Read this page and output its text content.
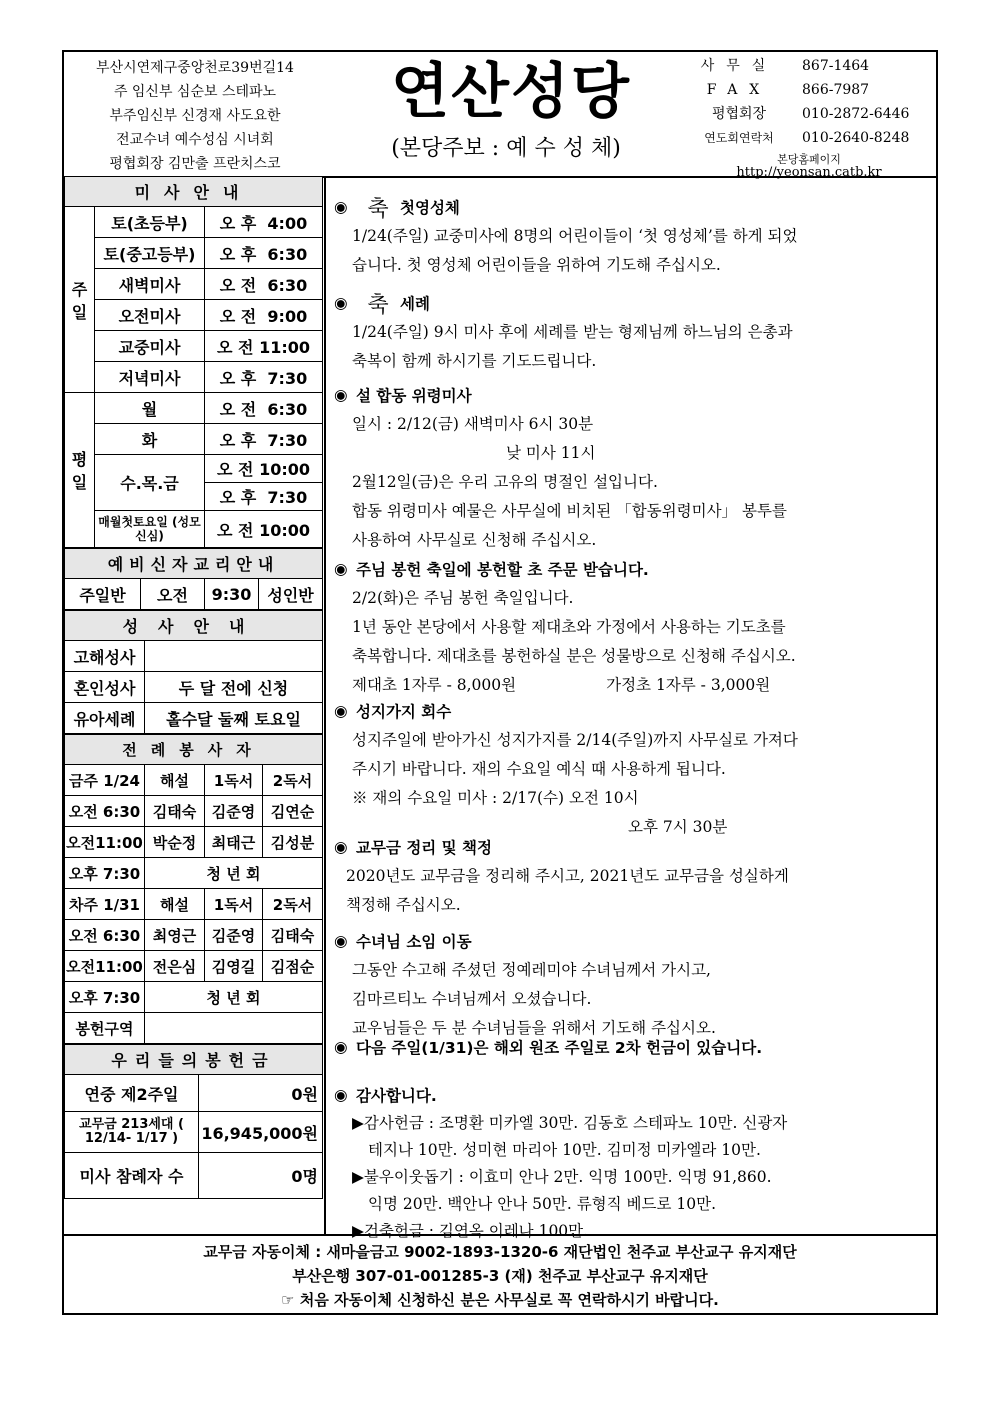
부산시연제구중앙천로39번길14
주 임신부 심순보 스테파노
부주임신부 신경재 사도요한
전교수녀 예수성심 시녀회
평협회장 김만출 프란치스코
연산성당
(본당주보 : 예 수 성 체)
사무실	867-1464
FAX	866-7987
평협회장	010-2872-6446
연도회연락처	010-2640-8248
본당홈페이지
http://yeonsan.catb.kr
미사안내		
주일	토(초등부)	오 후 4:00
	토(중고등부)	오 후 6:30
	새벽미사	오 전 6:30
	오전미사	오 전 9:00
	교중미사	오 전 11:00
	저녁미사	오 후 7:30
평일	월	오 전 6:30
	화	오 후 7:30
	수.목.금	오 전 10:00
		오 후 7:30
	매월첫토요일 (성모신심)	오 전 10:00
예비신자교리안내
주일반	오전	9:30	성인반
성사안내	
고해성사	
혼인성사	두 달 전에 신청
유아세례	홀수달 둘째 토요일
전례봉사자			
금주 1/24	해설	1독서	2독서
오전 6:30	김태숙	김준영	김연순
오전11:00	박순정	최태근	김성분
오후 7:30	청 년 회		
차주 1/31	해설	1독서	2독서
오전 6:30	최영근	김준영	김태숙
오전11:00	전은심	김영길	김점순
오후 7:30	청 년 회		
봉헌구역			
우리들의봉헌금	
연중 제2주일	0원
교무금 213세대 ( 12/14- 1/17 )	16,945,000원
미사 참례자 수	0명
◉ 축 첫영성체
1/24(주일) 교중미사에 8명의 어린이들이 ‘첫 영성체’를 하게 되었
습니다. 첫 영성체 어린이들을 위하여 기도해 주십시오.
◉ 축 세례
1/24(주일) 9시 미사 후에 세례를 받는 형제님께 하느님의 은총과
축복이 함께 하시기를 기도드립니다.
◉ 설 합동 위령미사
일시 : 2/12(금) 새벽미사 6시 30분
낮 미사 11시
2월12일(금)은 우리 고유의 명절인 설입니다.
합동 위령미사 예물은 사무실에 비치된 「합동위령미사」 봉투를
사용하여 사무실로 신청해 주십시오.
◉ 주님 봉헌 축일에 봉헌할 초 주문 받습니다.
2/2(화)은 주님 봉헌 축일입니다.
1년 동안 본당에서 사용할 제대초와 가정에서 사용하는 기도초를
축복합니다. 제대초를 봉헌하실 분은 성물방으로 신청해 주십시오.
제대초 1자루 - 8,000원	가정초 1자루 - 3,000원
◉ 성지가지 회수
성지주일에 받아가신 성지가지를 2/14(주일)까지 사무실로 가져다
주시기 바랍니다. 재의 수요일 예식 때 사용하게 됩니다.
※ 재의 수요일 미사 : 2/17(수) 오전 10시
오후 7시 30분
◉ 교무금 정리 및 책정
2020년도 교무금을 정리해 주시고, 2021년도 교무금을 성실하게
책정해 주십시오.
◉ 수녀님 소임 이동
그동안 수고해 주셨던 정예레미야 수녀님께서 가시고,
김마르티노 수녀님께서 오셨습니다.
교우님들은 두 분 수녀님들을 위해서 기도해 주십시오.
◉ 다음 주일(1/31)은 해외 원조 주일로 2차 헌금이 있습니다.
◉ 감사합니다.
▶감사헌금 : 조명환 미카엘 30만. 김동호 스테파노 10만. 신광자
테지나 10만. 성미현 마리아 10만. 김미정 미카엘라 10만.
▶불우이웃돕기 : 이효미 안나 2만. 익명 100만. 익명 91,860.
익명 20만. 백안나 안나 50만. 류형직 베드로 10만.
▶건축헌금 : 김연옥 이레나 100만.
교무금 자동이체 : 새마을금고 9002-1893-1320-6 재단법인 천주교 부산교구 유지재단
부산은행 307-01-001285-3 (재) 천주교 부산교구 유지재단
☞ 처음 자동이체 신청하신 분은 사무실로 꼭 연락하시기 바랍니다.
